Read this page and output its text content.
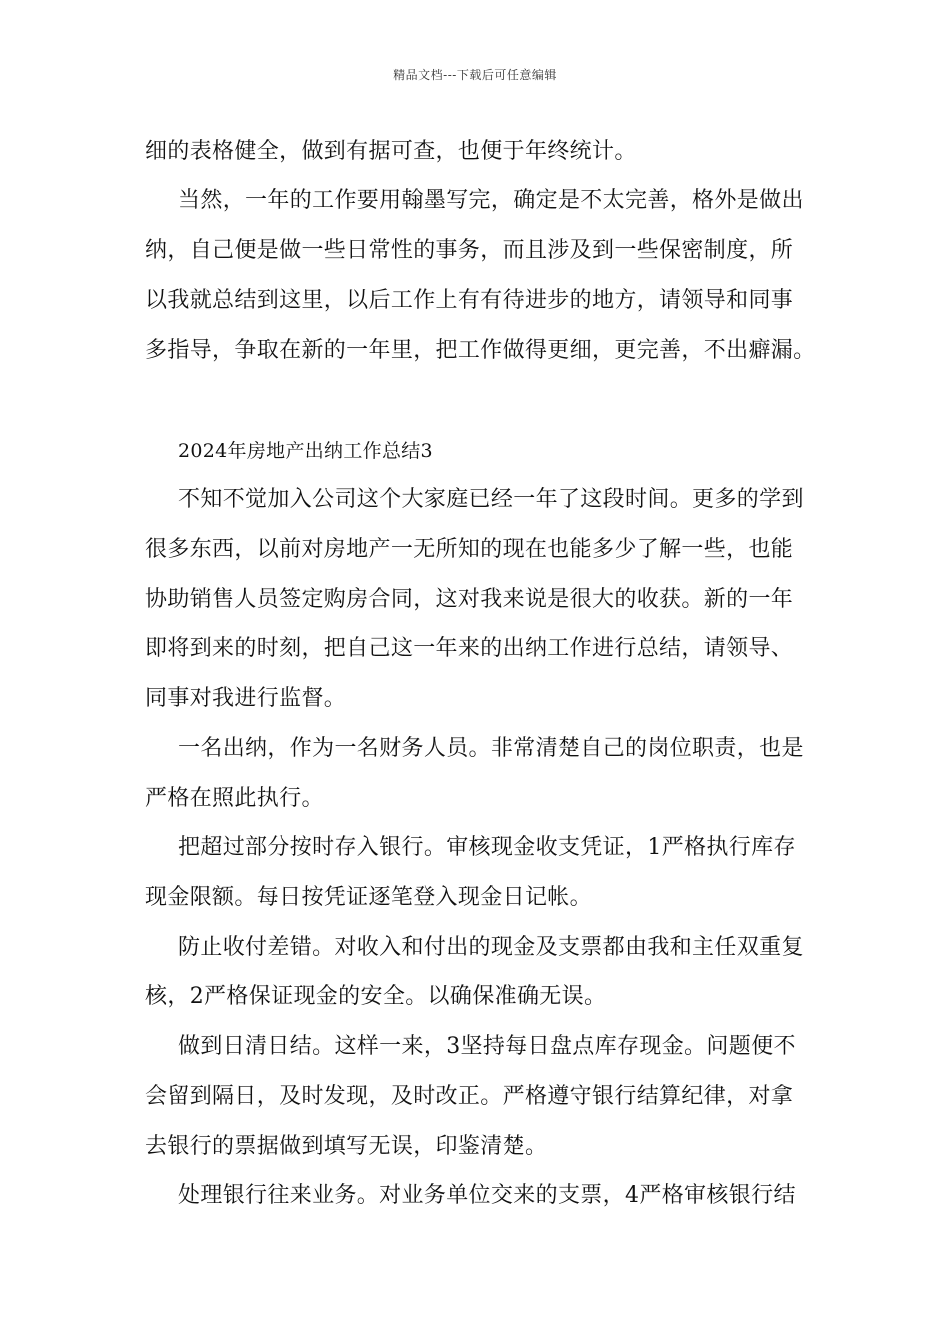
精品文档---下载后可任意编辑
细的表格健全，做到有据可查，也便于年终统计。
当然，一年的工作要用翰墨写完，确定是不太完善，格外是做出
纳，自己便是做一些日常性的事务，而且涉及到一些保密制度，所
以我就总结到这里，以后工作上有有待进步的地方，请领导和同事
多指导，争取在新的一年里，把工作做得更细，更完善，不出癖漏。
2024年房地产出纳工作总结3
不知不觉加入公司这个大家庭已经一年了这段时间。更多的学到
很多东西，以前对房地产一无所知的现在也能多少了解一些，也能
协助销售人员签定购房合同，这对我来说是很大的收获。新的一年
即将到来的时刻，把自己这一年来的出纳工作进行总结，请领导、
同事对我进行监督。
一名出纳，作为一名财务人员。非常清楚自己的岗位职责，也是
严格在照此执行。
把超过部分按时存入银行。审核现金收支凭证，1严格执行库存
现金限额。每日按凭证逐笔登入现金日记帐。
防止收付差错。对收入和付出的现金及支票都由我和主任双重复
核，2严格保证现金的安全。以确保准确无误。
做到日清日结。这样一来，3坚持每日盘点库存现金。问题便不
会留到隔日，及时发现，及时改正。严格遵守银行结算纪律，对拿
去银行的票据做到填写无误，印鉴清楚。
处理银行往来业务。对业务单位交来的支票，4严格审核银行结
